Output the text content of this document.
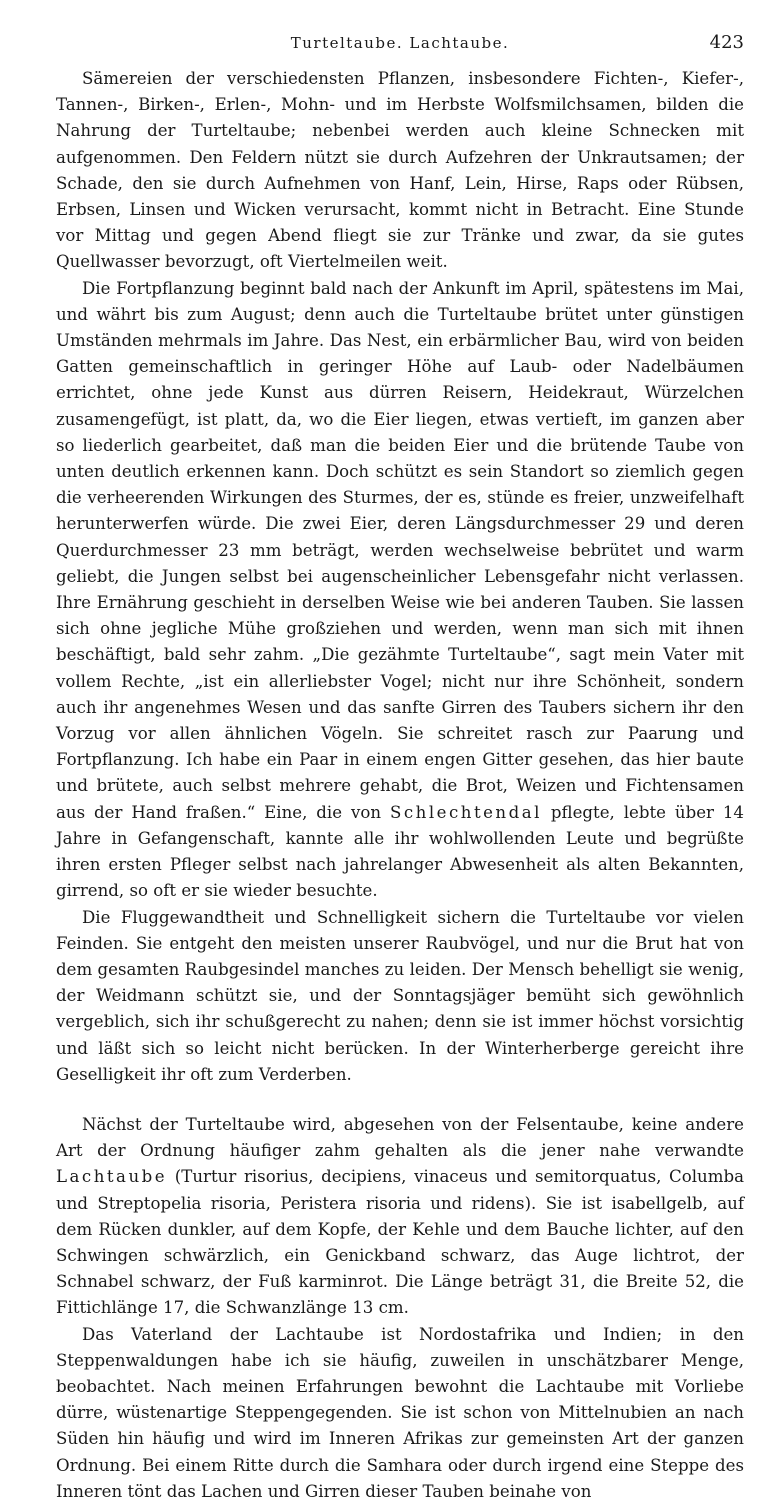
Turteltaube. Lachtaube.	423

Sämereien der verschiedensten Pflanzen, insbesondere Fichten-, Kiefer-, Tannen-, Birken-, Erlen-, Mohn- und im Herbste Wolfsmilchsamen, bilden die Nahrung der Turteltaube; nebenbei werden auch kleine Schnecken mit aufgenommen. Den Feldern nützt sie durch Aufzehren der Unkrautsamen; der Schade, den sie durch Aufnehmen von Hanf, Lein, Hirse, Raps oder Rübsen, Erbsen, Linsen und Wicken verursacht, kommt nicht in Betracht. Eine Stunde vor Mittag und gegen Abend fliegt sie zur Tränke und zwar, da sie gutes Quellwasser bevorzugt, oft Viertelmeilen weit.

Die Fortpflanzung beginnt bald nach der Ankunft im April, spätestens im Mai, und währt bis zum August; denn auch die Turteltaube brütet unter günstigen Umständen mehrmals im Jahre. Das Nest, ein erbärmlicher Bau, wird von beiden Gatten gemeinschaftlich in geringer Höhe auf Laub- oder Nadelbäumen errichtet, ohne jede Kunst aus dürren Reisern, Heidekraut, Würzelchen zusamengefügt, ist platt, da, wo die Eier liegen, etwas vertieft, im ganzen aber so liederlich gearbeitet, daß man die beiden Eier und die brütende Taube von unten deutlich erkennen kann. Doch schützt es sein Standort so ziemlich gegen die verheerenden Wirkungen des Sturmes, der es, stünde es freier, unzweifelhaft herunterwerfen würde. Die zwei Eier, deren Längsdurchmesser 29 und deren Querdurchmesser 23 mm beträgt, werden wechselweise bebrütet und warm geliebt, die Jungen selbst bei augenscheinlicher Lebensgefahr nicht verlassen. Ihre Ernährung geschieht in derselben Weise wie bei anderen Tauben. Sie lassen sich ohne jegliche Mühe großziehen und werden, wenn man sich mit ihnen beschäftigt, bald sehr zahm. „Die gezähmte Turteltaube“, sagt mein Vater mit vollem Rechte, „ist ein allerliebster Vogel; nicht nur ihre Schönheit, sondern auch ihr angenehmes Wesen und das sanfte Girren des Taubers sichern ihr den Vorzug vor allen ähnlichen Vögeln. Sie schreitet rasch zur Paarung und Fortpflanzung. Ich habe ein Paar in einem engen Gitter gesehen, das hier baute und brütete, auch selbst mehrere gehabt, die Brot, Weizen und Fichtensamen aus der Hand fraßen.“ Eine, die von Schlechtendal pflegte, lebte über 14 Jahre in Gefangenschaft, kannte alle ihr wohlwollenden Leute und begrüßte ihren ersten Pfleger selbst nach jahrelanger Abwesenheit als alten Bekannten, girrend, so oft er sie wieder besuchte.

Die Fluggewandtheit und Schnelligkeit sichern die Turteltaube vor vielen Feinden. Sie entgeht den meisten unserer Raubvögel, und nur die Brut hat von dem gesamten Raubgesindel manches zu leiden. Der Mensch behelligt sie wenig, der Weidmann schützt sie, und der Sonntagsjäger bemüht sich gewöhnlich vergeblich, sich ihr schußgerecht zu nahen; denn sie ist immer höchst vorsichtig und läßt sich so leicht nicht berücken. In der Winterherberge gereicht ihre Geselligkeit ihr oft zum Verderben.

Nächst der Turteltaube wird, abgesehen von der Felsentaube, keine andere Art der Ordnung häufiger zahm gehalten als die jener nahe verwandte Lachtaube (Turtur risorius, decipiens, vinaceus und semitorquatus, Columba und Streptopelia risoria, Peristera risoria und ridens). Sie ist isabellgelb, auf dem Rücken dunkler, auf dem Kopfe, der Kehle und dem Bauche lichter, auf den Schwingen schwärzlich, ein Genickband schwarz, das Auge lichtrot, der Schnabel schwarz, der Fuß karminrot. Die Länge beträgt 31, die Breite 52, die Fittichlänge 17, die Schwanzlänge 13 cm.

Das Vaterland der Lachtaube ist Nordostafrika und Indien; in den Steppenwaldungen habe ich sie häufig, zuweilen in unschätzbarer Menge, beobachtet. Nach meinen Erfahrungen bewohnt die Lachtaube mit Vorliebe dürre, wüstenartige Steppengegenden. Sie ist schon von Mittelnubien an nach Süden hin häufig und wird im Inneren Afrikas zur gemeinsten Art der ganzen Ordnung. Bei einem Ritte durch die Samhara oder durch irgend eine Steppe des Inneren tönt das Lachen und Girren dieser Tauben beinahe von
